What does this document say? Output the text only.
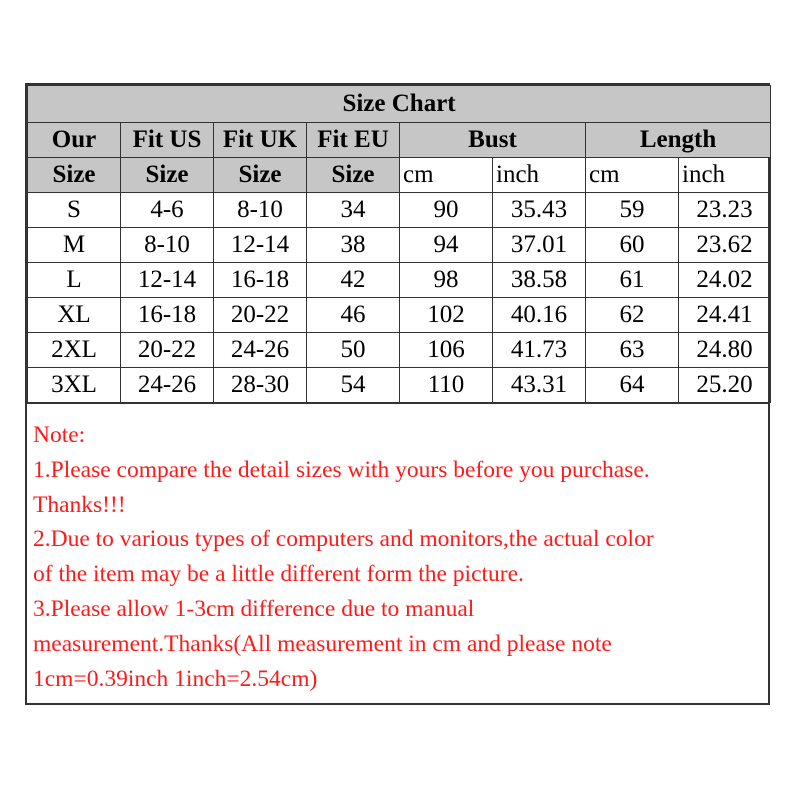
Size Chart							
Our	Fit US	Fit UK	Fit EU	Bust		Length	
Size	Size	Size	Size	cm	inch	cm	inch
S	4-6	8-10	34	90	35.43	59	23.23
M	8-10	12-14	38	94	37.01	60	23.62
L	12-14	16-18	42	98	38.58	61	24.02
XL	16-18	20-22	46	102	40.16	62	24.41
2XL	20-22	24-26	50	106	41.73	63	24.80
3XL	24-26	28-30	54	110	43.31	64	25.20
Note:
1.Please compare the detail sizes with yours before you purchase.
Thanks!!!
2.Due to various types of computers and monitors,the actual color
of the item may be a little different form the picture.
3.Please allow 1-3cm difference due to manual
measurement.Thanks(All measurement in cm and please note
1cm=0.39inch 1inch=2.54cm)
